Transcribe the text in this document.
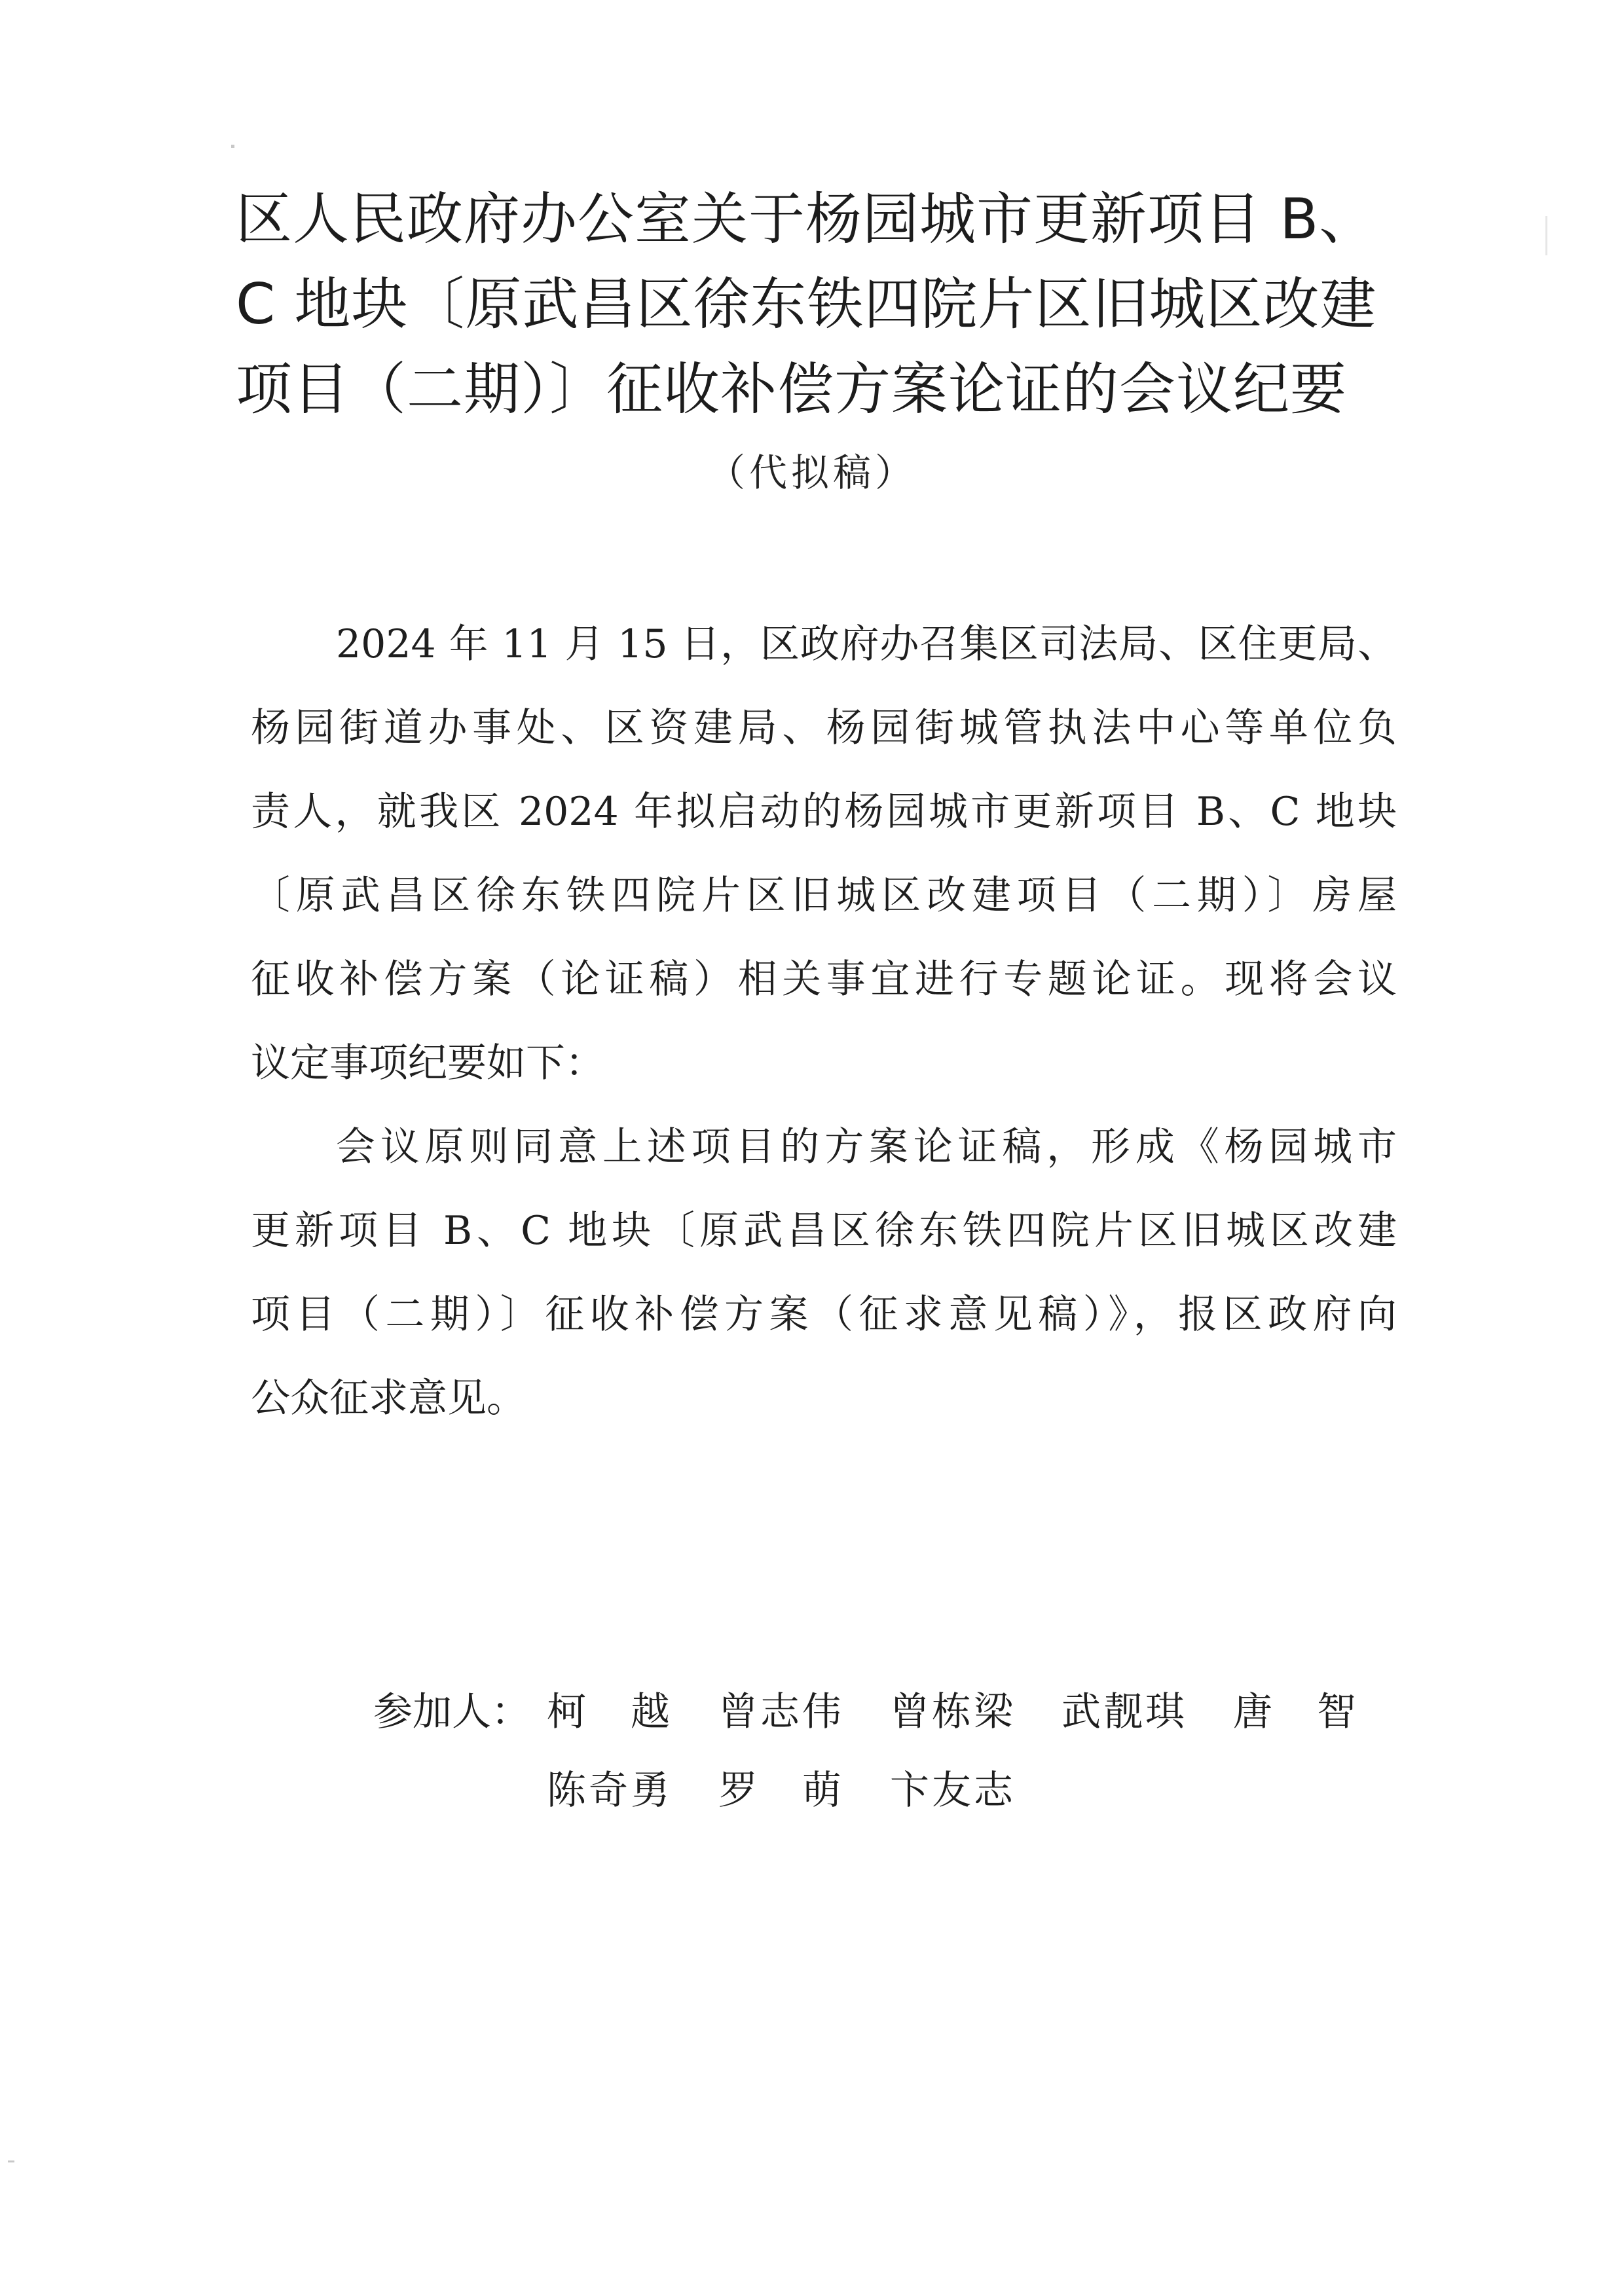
区人民政府办公室关于杨园城市更新项目 B、
C 地块〔原武昌区徐东铁四院片区旧城区改建
项目（二期）〕征收补偿方案论证的会议纪要
（代拟稿）
2024 年 11 月 15 日，区政府办召集区司法局、区住更局、
杨园街道办事处、区资建局、杨园街城管执法中心等单位负
责人，就我区 2024 年拟启动的杨园城市更新项目 B、C 地块
〔原武昌区徐东铁四院片区旧城区改建项目（二期）〕房屋
征收补偿方案（论证稿）相关事宜进行专题论证。现将会议
议定事项纪要如下：
会议原则同意上述项目的方案论证稿，形成《杨园城市
更新项目 B、C 地块〔原武昌区徐东铁四院片区旧城区改建
项目（二期）〕征收补偿方案（征求意见稿）》，报区政府向
公众征求意见。
参加人： 柯　越 曾志伟 曾栋梁 武靓琪 唐　智
陈奇勇 罗　萌 卞友志
